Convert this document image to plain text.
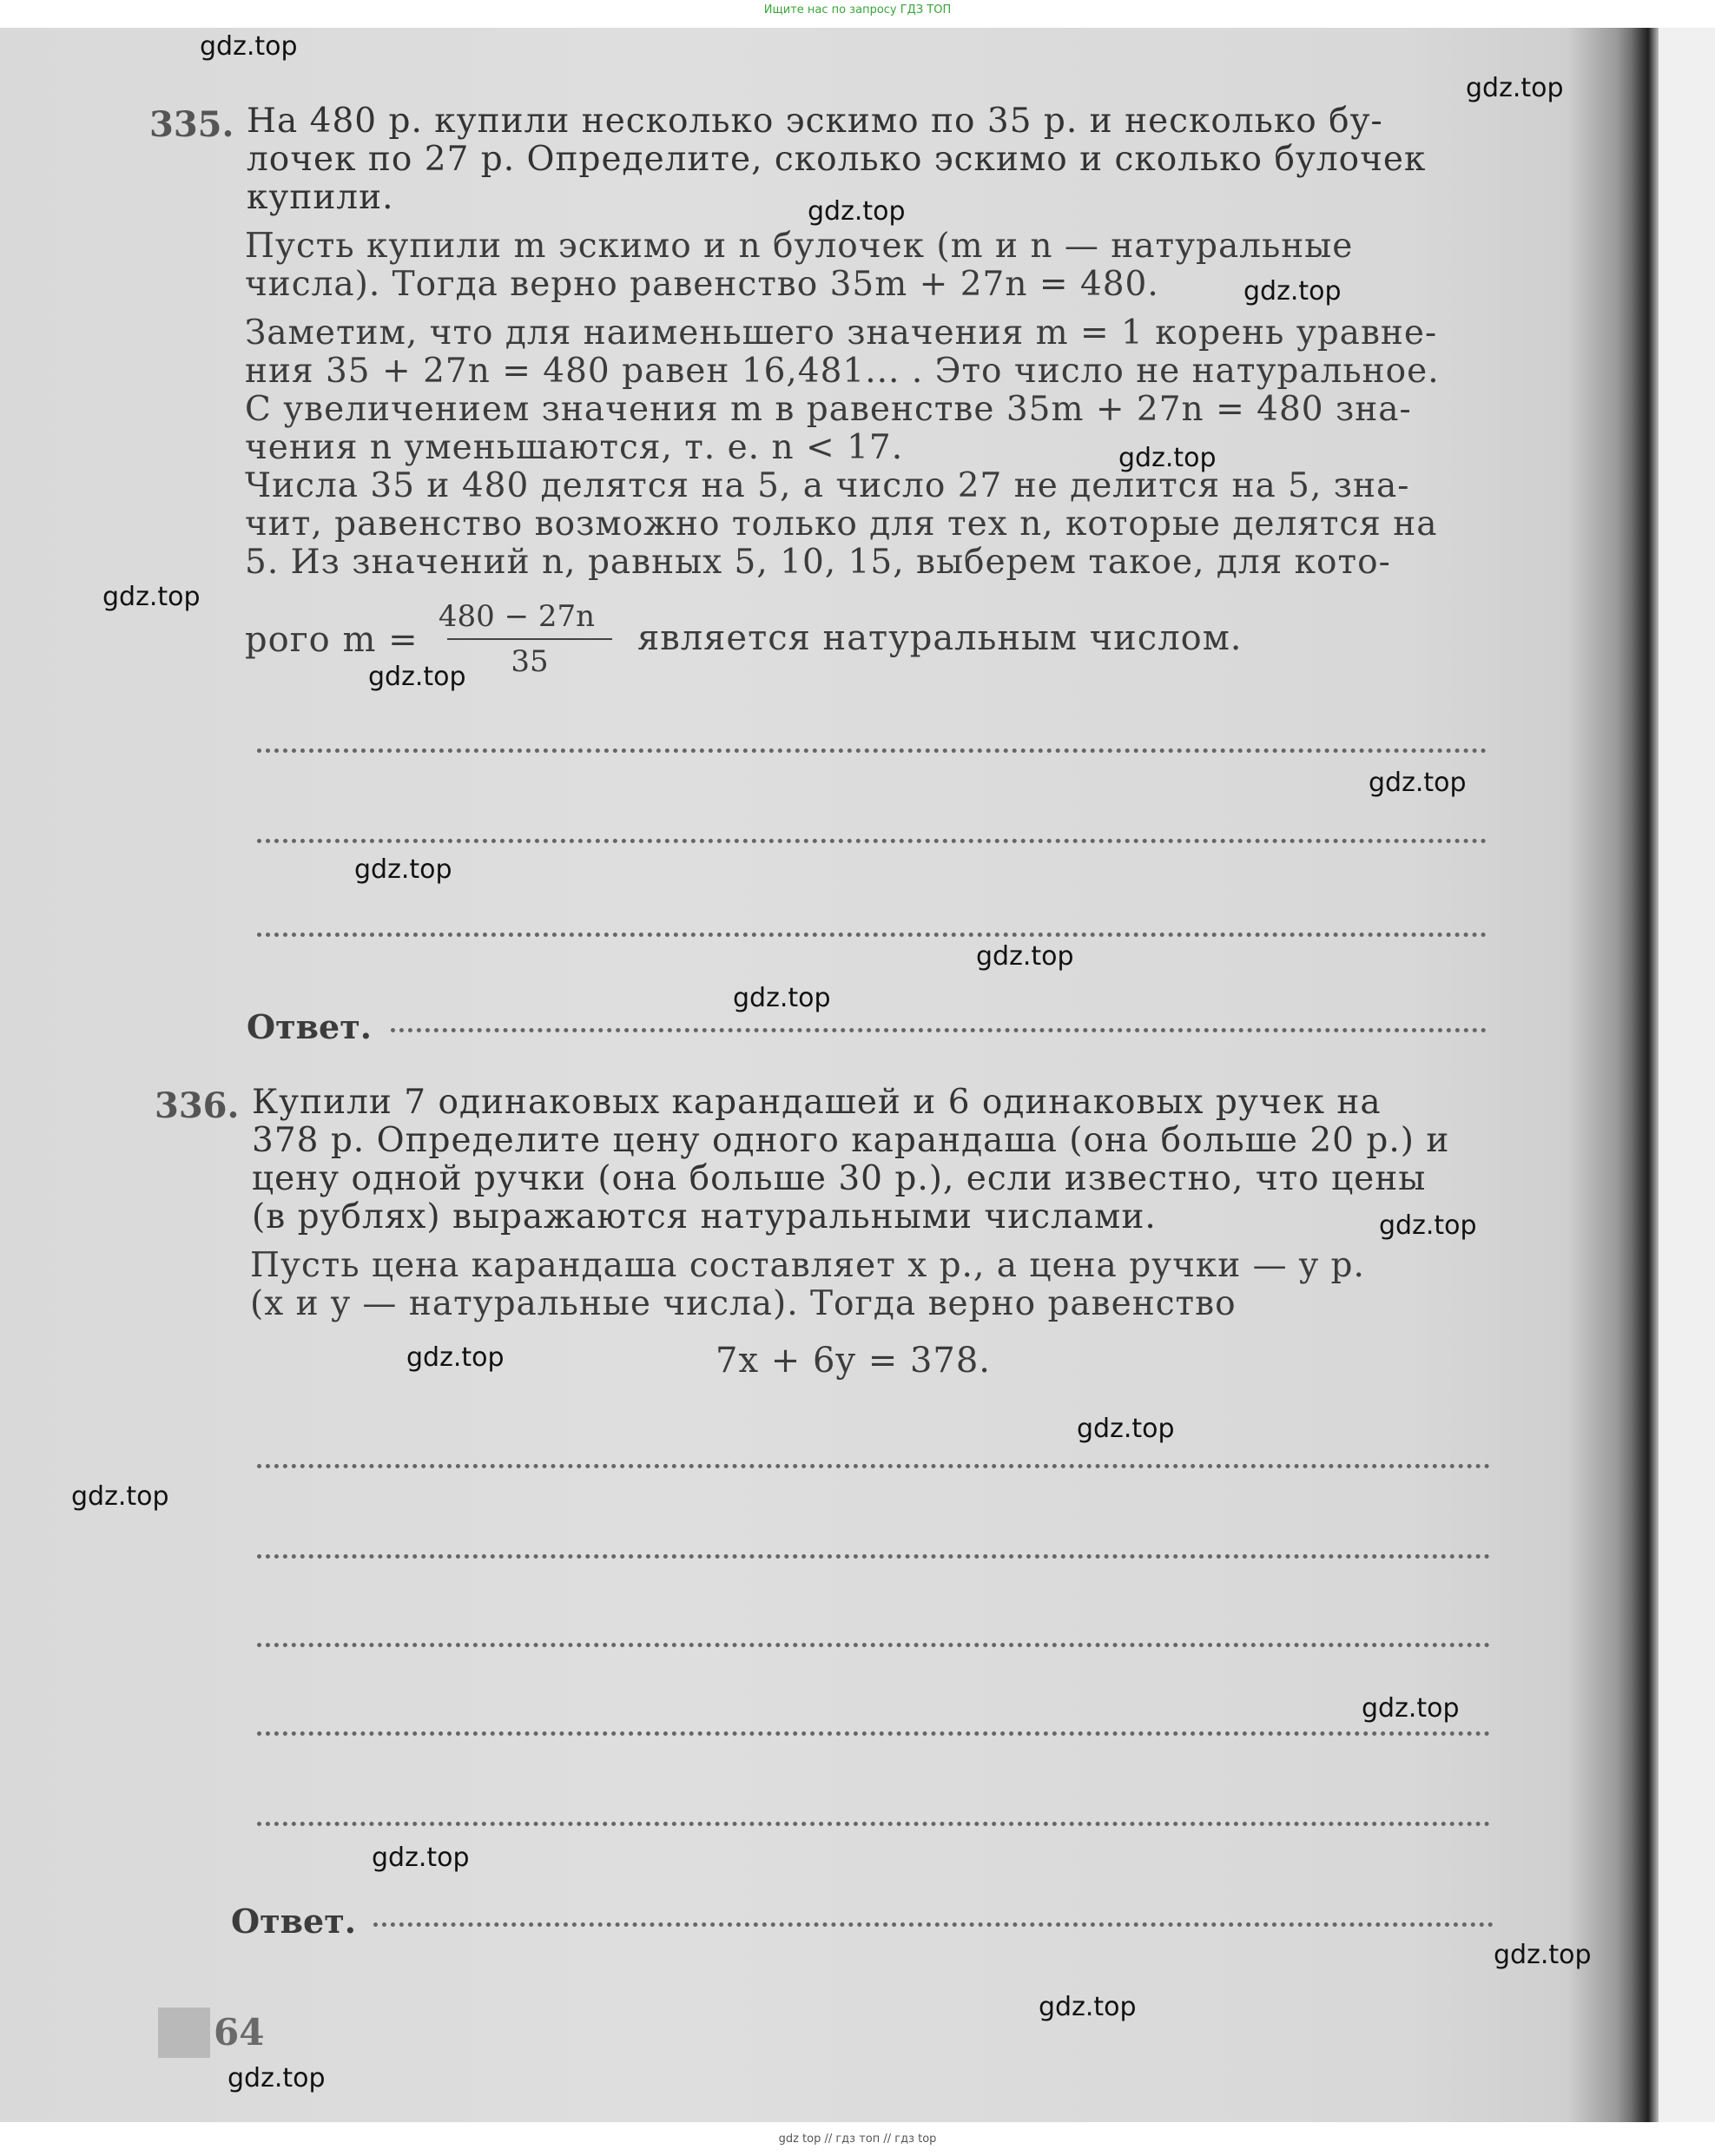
Ищите нас по запросу ГДЗ ТОП
335. На 480 р. купили несколько эскимо по 35 р. и несколько бу-
лочек по 27 р. Определите, сколько эскимо и сколько булочек
купили.
Пусть купили m эскимо и n булочек (m и n — натуральные
числа). Тогда верно равенство 35m + 27n = 480.
Заметим, что для наименьшего значения m = 1 корень уравне-
ния 35 + 27n = 480 равен 16,481... . Это число не натуральное.
С увеличением значения m в равенстве 35m + 27n = 480 зна-
чения n уменьшаются, т. е. n < 17.
Числа 35 и 480 делятся на 5, а число 27 не делится на 5, зна-
чит, равенство возможно только для тех n, которые делятся на
5. Из значений n, равных 5, 10, 15, выберем такое, для кото-
рого m =
480 − 27n
35
является натуральным числом.
Ответ.
336. Купили 7 одинаковых карандашей и 6 одинаковых ручек на
378 р. Определите цену одного карандаша (она больше 20 р.) и
цену одной ручки (она больше 30 р.), если известно, что цены
(в рублях) выражаются натуральными числами.
Пусть цена карандаша составляет x р., а цена ручки — y р.
(x и y — натуральные числа). Тогда верно равенство
7x + 6y = 378.
Ответ.
64
gdz.top
gdz.top
gdz.top
gdz.top
gdz.top
gdz.top
gdz.top
gdz.top
gdz.top
gdz.top
gdz.top
gdz.top
gdz.top
gdz.top
gdz.top
gdz.top
gdz.top
gdz.top
gdz.top
gdz.top
gdz top // гдз топ // гдз top
